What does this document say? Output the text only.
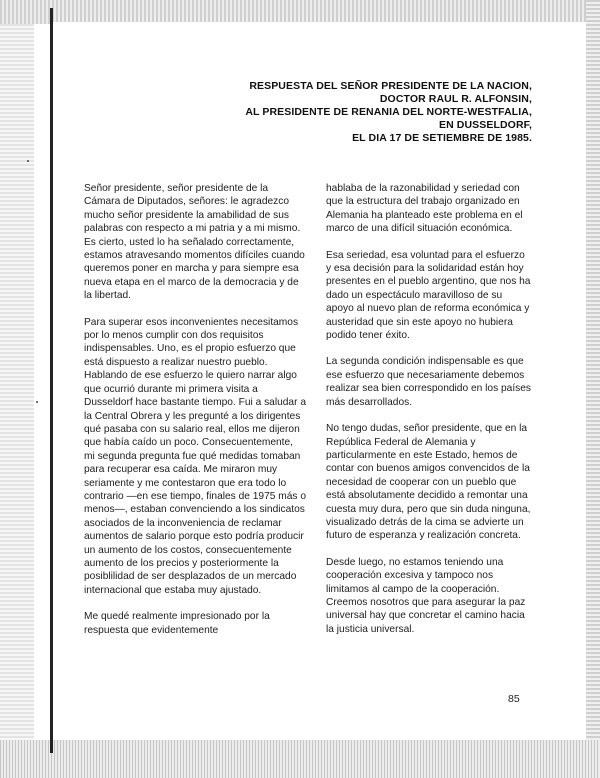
RESPUESTA DEL SEÑOR PRESIDENTE DE LA NACION,
DOCTOR RAUL R. ALFONSIN,
AL PRESIDENTE DE RENANIA DEL NORTE-WESTFALIA,
EN DUSSELDORF,
EL DIA 17 DE SETIEMBRE DE 1985.

Señor presidente, señor presidente de la Cámara de Diputados, señores: le agradezco mucho señor presidente la amabilidad de sus palabras con respecto a mi patria y a mi mismo. Es cierto, usted lo ha señalado correctamente, estamos atravesando momentos difíciles cuando queremos poner en marcha y para siempre esa nueva etapa en el marco de la democracia y de la libertad.

Para superar esos inconvenientes necesitamos por lo menos cumplir con dos requisitos indispensables. Uno, es el propio esfuerzo que está dispuesto a realizar nuestro pueblo. Hablando de ese esfuerzo le quiero narrar algo que ocurrió durante mi primera visita a Dusseldorf hace bastante tiempo. Fui a saludar a la Central Obrera y les pregunté a los dirigentes qué pasaba con su salario real, ellos me dijeron que había caído un poco. Consecuentemente, mi segunda pregunta fue qué medidas tomaban para recuperar esa caída. Me miraron muy seriamente y me contestaron que era todo lo contrario —en ese tiempo, finales de 1975 más o menos—, estaban convenciendo a los sindicatos asociados de la inconveniencia de reclamar aumentos de salario porque esto podría producir un aumento de los costos, consecuentemente aumento de los precios y posteriormente la posiblilidad de ser desplazados de un mercado internacional que estaba muy ajustado.

Me quedé realmente impresionado por la respuesta que evidentemente

hablaba de la razonabilidad y seriedad con que la estructura del trabajo organizado en Alemania ha planteado este problema en el marco de una difícil situación económica.

Esa seriedad, esa voluntad para el esfuerzo y esa decisión para la solidaridad están hoy presentes en el pueblo argentino, que nos ha dado un espectáculo maravilloso de su apoyo al nuevo plan de reforma económica y austeridad que sin este apoyo no hubiera podido tener éxito.

La segunda condición indispensable es que ese esfuerzo que necesariamente debemos realizar sea bien correspondido en los países más desarrollados.

No tengo dudas, señor presidente, que en la República Federal de Alemania y particularmente en este Estado, hemos de contar con buenos amigos convencidos de la necesidad de cooperar con un pueblo que está absolutamente decidido a remontar una cuesta muy dura, pero que sin duda ninguna, visualizado detrás de la cima se advierte un futuro de esperanza y realización concreta.

Desde luego, no estamos teniendo una cooperación excesiva y tampoco nos limitamos al campo de la cooperación. Creemos nosotros que para asegurar la paz universal hay que concretar el camino hacia la justicia universal.

85
